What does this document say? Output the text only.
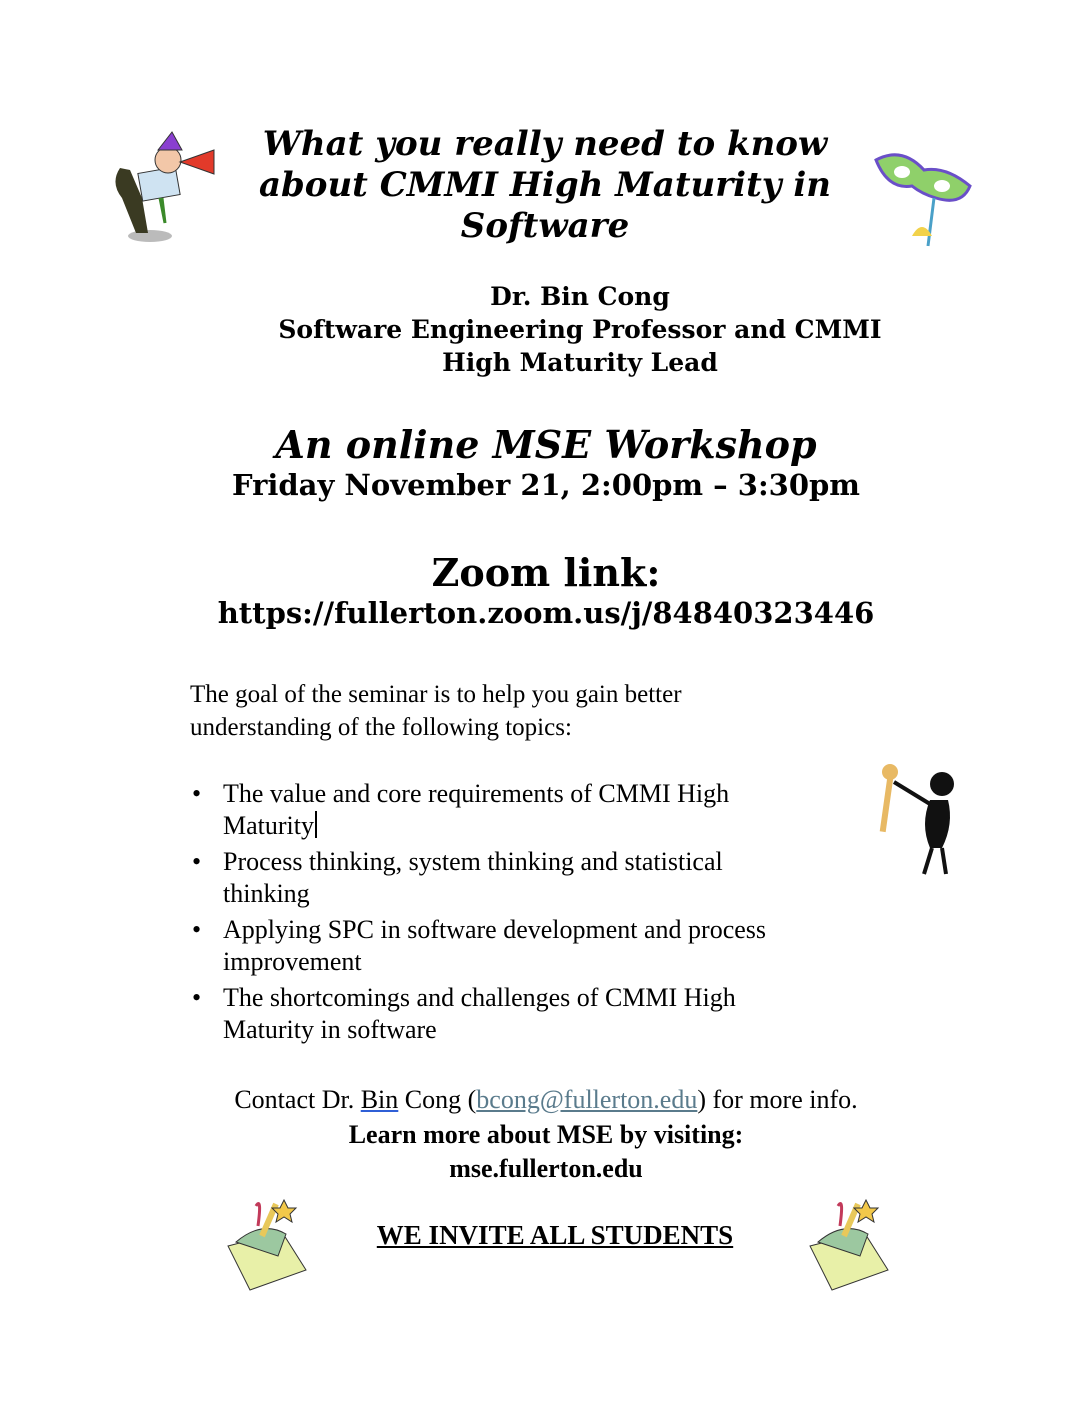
What you really need to know
about CMMI High Maturity in
Software
Dr. Bin Cong
Software Engineering Professor and CMMI
High Maturity Lead
An online MSE Workshop
Friday November 21, 2:00pm – 3:30pm
Zoom link:
https://fullerton.zoom.us/j/84840323446
The goal of the seminar is to help you gain better
understanding of the following topics:
• The value and core requirements of CMMI High
Maturity
• Process thinking, system thinking and statistical
thinking
• Applying SPC in software development and process
improvement
• The shortcomings and challenges of CMMI High
Maturity in software
Contact Dr. Bin Cong (bcong@fullerton.edu) for more info.
Learn more about MSE by visiting:
mse.fullerton.edu
WE INVITE ALL STUDENTS
